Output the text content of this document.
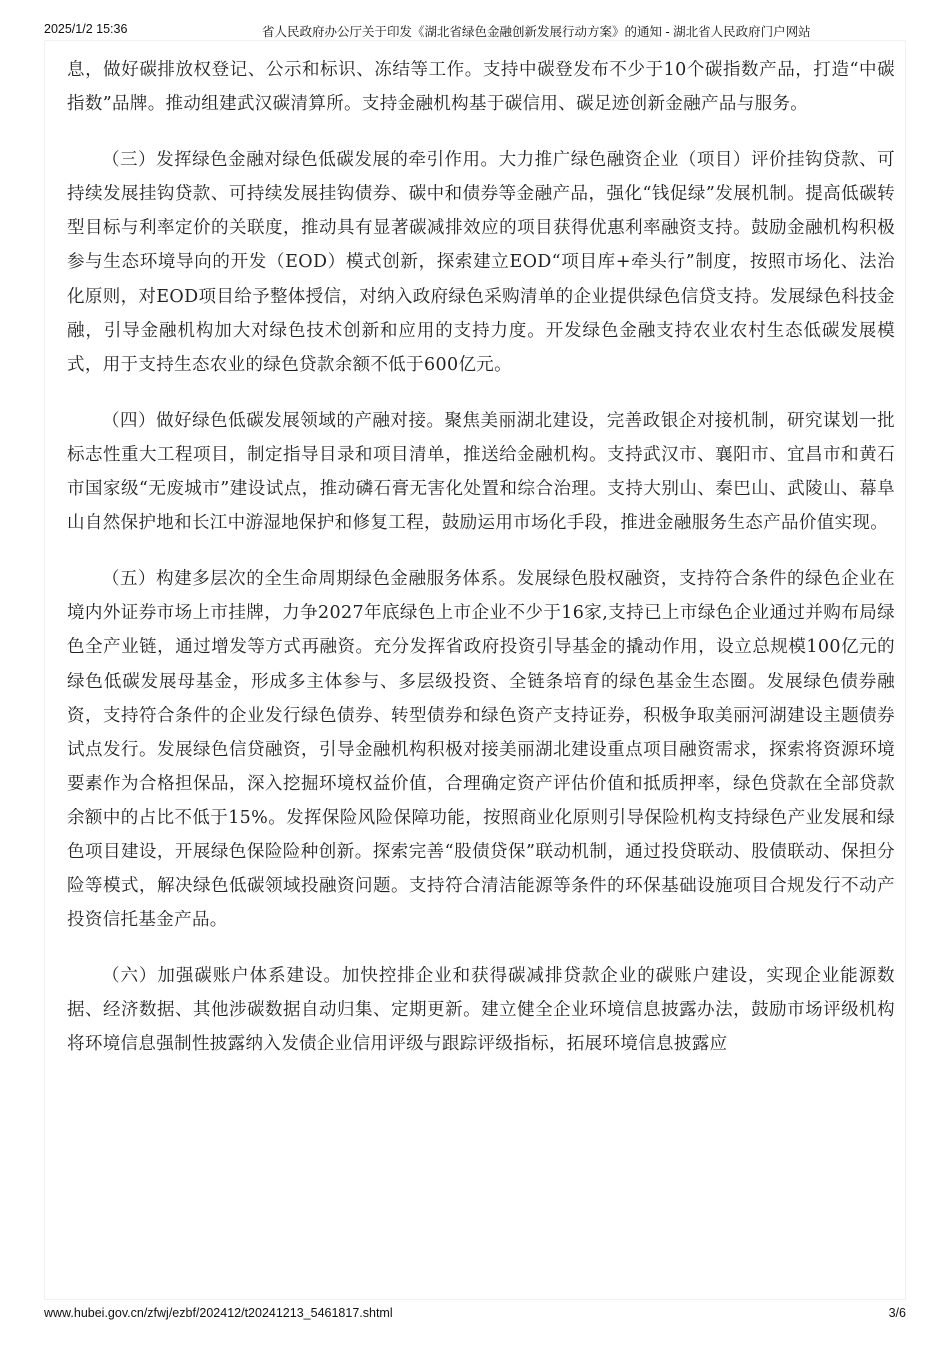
2025/1/2 15:36	省人民政府办公厅关于印发《湖北省绿色金融创新发展行动方案》的通知 - 湖北省人民政府门户网站

息，做好碳排放权登记、公示和标识、冻结等工作。支持中碳登发布不少于10个碳指数产品，打造“中碳指数”品牌。推动组建武汉碳清算所。支持金融机构基于碳信用、碳足迹创新金融产品与服务。

（三）发挥绿色金融对绿色低碳发展的牵引作用。大力推广绿色融资企业（项目）评价挂钩贷款、可持续发展挂钩贷款、可持续发展挂钩债券、碳中和债券等金融产品，强化“钱促绿”发展机制。提高低碳转型目标与利率定价的关联度，推动具有显著碳减排效应的项目获得优惠利率融资支持。鼓励金融机构积极参与生态环境导向的开发（EOD）模式创新，探索建立EOD“项目库+牵头行”制度，按照市场化、法治化原则，对EOD项目给予整体授信，对纳入政府绿色采购清单的企业提供绿色信贷支持。发展绿色科技金融，引导金融机构加大对绿色技术创新和应用的支持力度。开发绿色金融支持农业农村生态低碳发展模式，用于支持生态农业的绿色贷款余额不低于600亿元。

（四）做好绿色低碳发展领域的产融对接。聚焦美丽湖北建设，完善政银企对接机制，研究谋划一批标志性重大工程项目，制定指导目录和项目清单，推送给金融机构。支持武汉市、襄阳市、宜昌市和黄石市国家级“无废城市”建设试点，推动磷石膏无害化处置和综合治理。支持大别山、秦巴山、武陵山、幕阜山自然保护地和长江中游湿地保护和修复工程，鼓励运用市场化手段，推进金融服务生态产品价值实现。

（五）构建多层次的全生命周期绿色金融服务体系。发展绿色股权融资，支持符合条件的绿色企业在境内外证券市场上市挂牌，力争2027年底绿色上市企业不少于16家,支持已上市绿色企业通过并购布局绿色全产业链，通过增发等方式再融资。充分发挥省政府投资引导基金的撬动作用，设立总规模100亿元的绿色低碳发展母基金，形成多主体参与、多层级投资、全链条培育的绿色基金生态圈。发展绿色债券融资，支持符合条件的企业发行绿色债券、转型债券和绿色资产支持证券，积极争取美丽河湖建设主题债券试点发行。发展绿色信贷融资，引导金融机构积极对接美丽湖北建设重点项目融资需求，探索将资源环境要素作为合格担保品，深入挖掘环境权益价值，合理确定资产评估价值和抵质押率，绿色贷款在全部贷款余额中的占比不低于15%。发挥保险风险保障功能，按照商业化原则引导保险机构支持绿色产业发展和绿色项目建设，开展绿色保险险种创新。探索完善“股债贷保”联动机制，通过投贷联动、股债联动、保担分险等模式，解决绿色低碳领域投融资问题。支持符合清洁能源等条件的环保基础设施项目合规发行不动产投资信托基金产品。

（六）加强碳账户体系建设。加快控排企业和获得碳减排贷款企业的碳账户建设，实现企业能源数据、经济数据、其他涉碳数据自动归集、定期更新。建立健全企业环境信息披露办法，鼓励市场评级机构将环境信息强制性披露纳入发债企业信用评级与跟踪评级指标，拓展环境信息披露应

www.hubei.gov.cn/zfwj/ezbf/202412/t20241213_5461817.shtml	3/6
